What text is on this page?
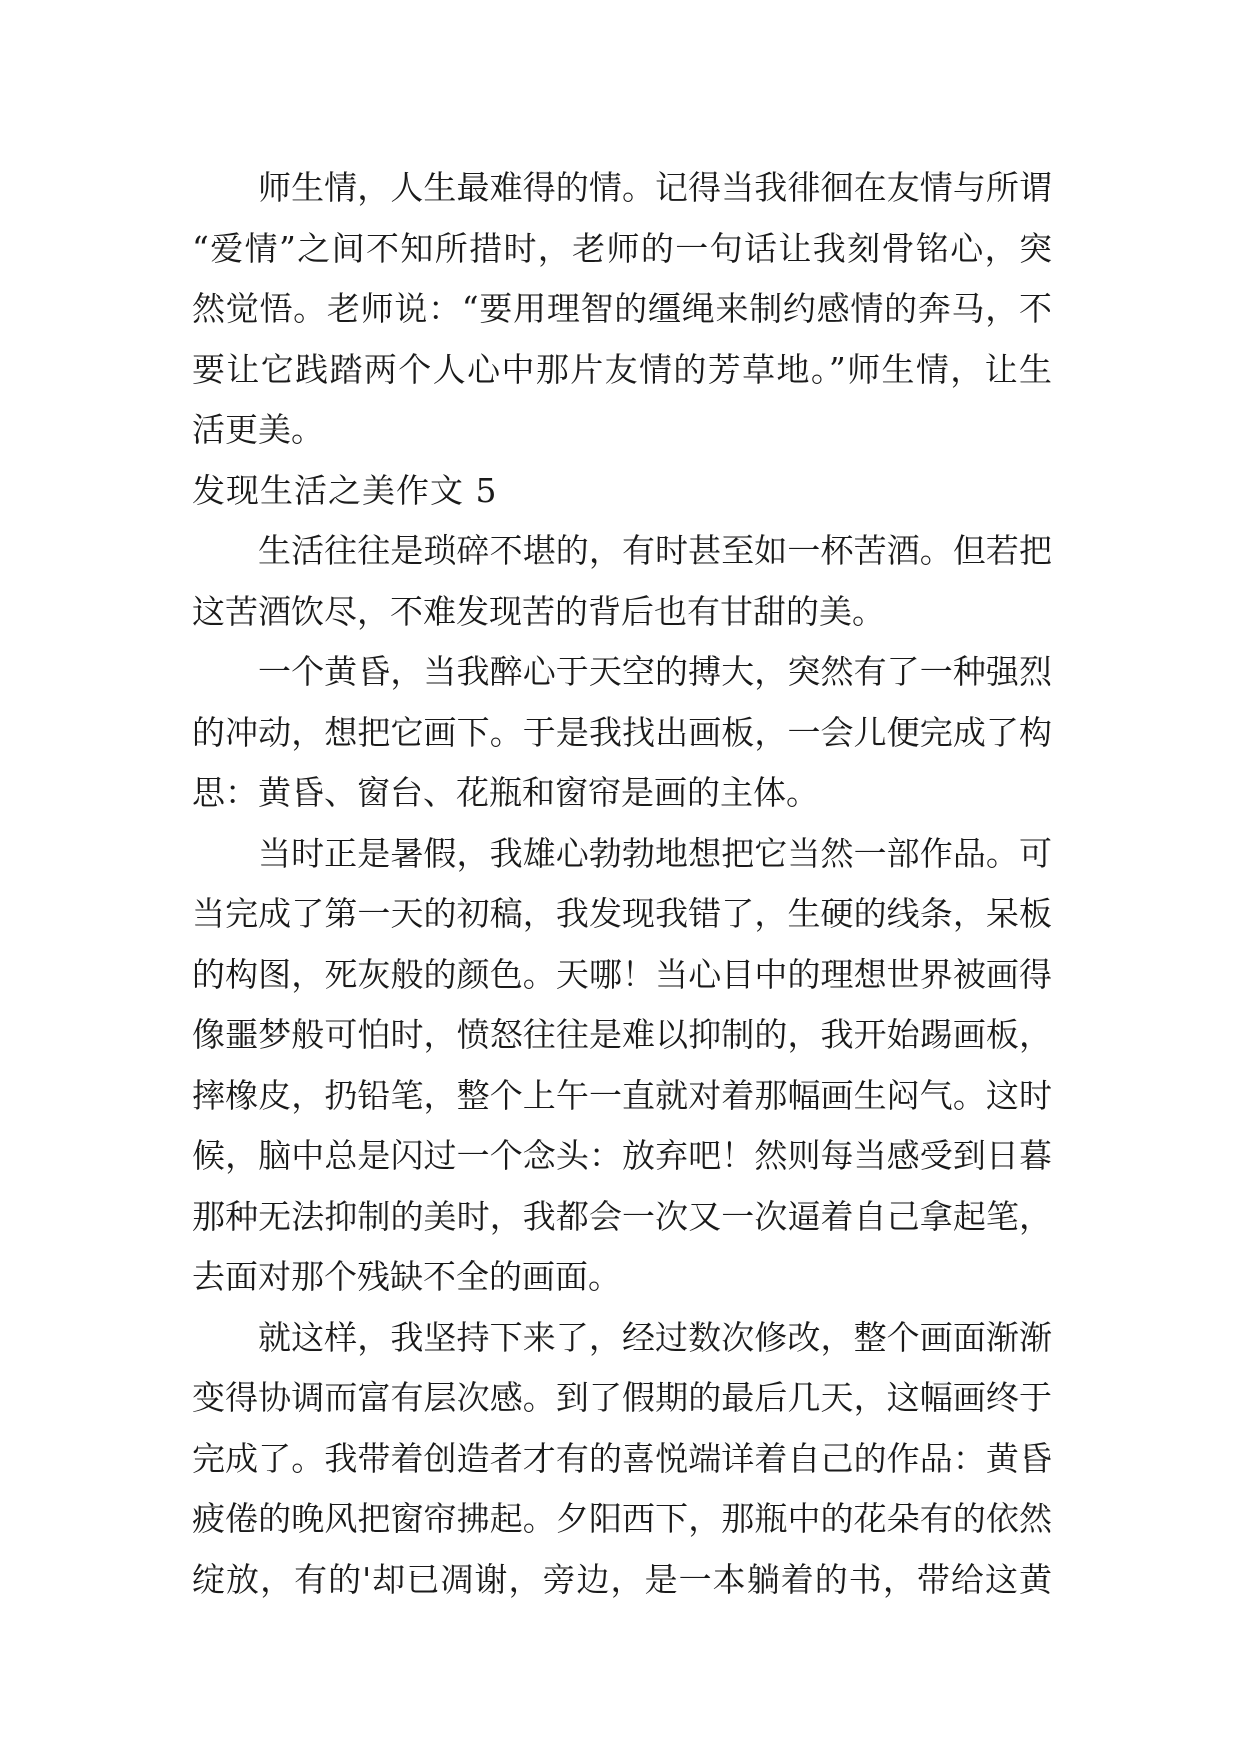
师生情，人生最难得的情。记得当我徘徊在友情与所谓
“爱情”之间不知所措时，老师的一句话让我刻骨铭心，突
然觉悟。老师说：“要用理智的缰绳来制约感情的奔马，不
要让它践踏两个人心中那片友情的芳草地。”师生情，让生
活更美。

发现生活之美作文 5

生活往往是琐碎不堪的，有时甚至如一杯苦酒。但若把
这苦酒饮尽，不难发现苦的背后也有甘甜的美。

一个黄昏，当我醉心于天空的搏大，突然有了一种强烈
的冲动，想把它画下。于是我找出画板，一会儿便完成了构
思：黄昏、窗台、花瓶和窗帘是画的主体。

当时正是暑假，我雄心勃勃地想把它当然一部作品。可
当完成了第一天的初稿，我发现我错了，生硬的线条，呆板
的构图，死灰般的颜色。天哪！当心目中的理想世界被画得
像噩梦般可怕时，愤怒往往是难以抑制的，我开始踢画板，
摔橡皮，扔铅笔，整个上午一直就对着那幅画生闷气。这时
候，脑中总是闪过一个念头：放弃吧！然则每当感受到日暮
那种无法抑制的美时，我都会一次又一次逼着自己拿起笔，
去面对那个残缺不全的画面。

就这样，我坚持下来了，经过数次修改，整个画面渐渐
变得协调而富有层次感。到了假期的最后几天，这幅画终于
完成了。我带着创造者才有的喜悦端详着自己的作品：黄昏
疲倦的晚风把窗帘拂起。夕阳西下，那瓶中的花朵有的依然
绽放，有的'却已凋谢，旁边，是一本躺着的书，带给这黄
